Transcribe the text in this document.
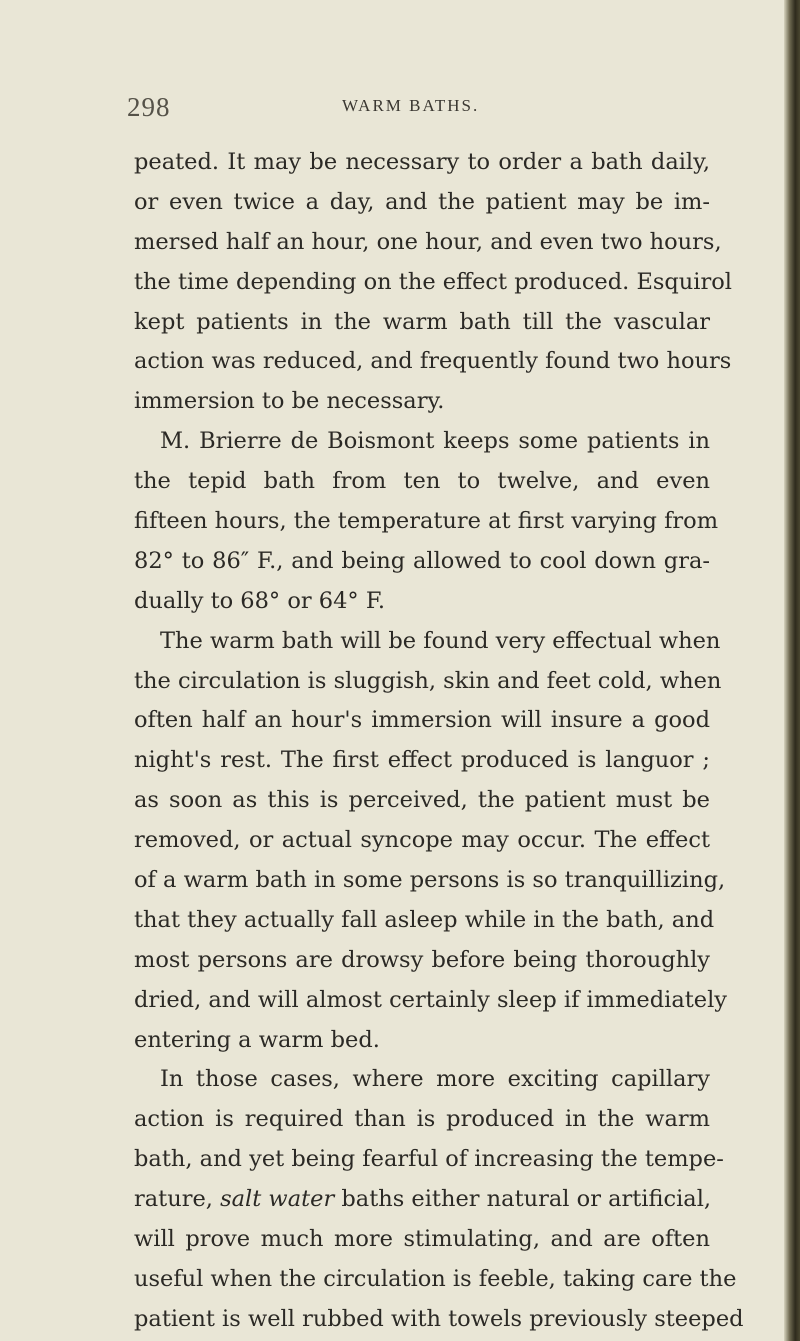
298	WARM BATHS.
peated. It may be necessary to order a bath daily,
or even twice a day, and the patient may be im-
mersed half an hour, one hour, and even two hours,
the time depending on the effect produced. Esquirol
kept patients in the warm bath till the vascular
action was reduced, and frequently found two hours
immersion to be necessary.
M. Brierre de Boismont keeps some patients in
the tepid bath from ten to twelve, and even
fifteen hours, the temperature at first varying from
82° to 86″ F., and being allowed to cool down gra-
dually to 68° or 64° F.
The warm bath will be found very effectual when
the circulation is sluggish, skin and feet cold, when
often half an hour's immersion will insure a good
night's rest. The first effect produced is languor ;
as soon as this is perceived, the patient must be
removed, or actual syncope may occur. The effect
of a warm bath in some persons is so tranquillizing,
that they actually fall asleep while in the bath, and
most persons are drowsy before being thoroughly
dried, and will almost certainly sleep if immediately
entering a warm bed.
In those cases, where more exciting capillary
action is required than is produced in the warm
bath, and yet being fearful of increasing the tempe-
rature, salt water baths either natural or artificial,
will prove much more stimulating, and are often
useful when the circulation is feeble, taking care the
patient is well rubbed with towels previously steeped
